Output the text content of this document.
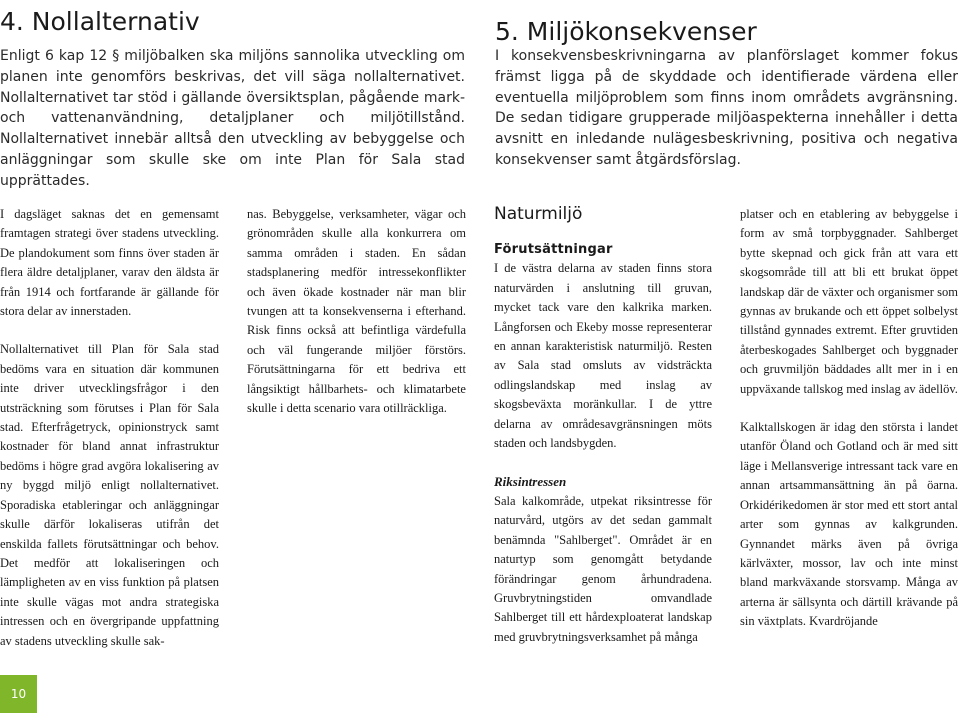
4. Nollalternativ

Enligt 6 kap 12 § miljöbalken ska miljöns sannolika utveckling om planen inte genomförs beskrivas, det vill säga nollalternativet. Nollalternativet tar stöd i gällande översiktsplan, pågående mark- och vattenanvändning, detaljplaner och miljötillstånd. Nollalternativet innebär alltså den utveckling av bebyggelse och anläggningar som skulle ske om inte Plan för Sala stad upprättades.

5. Miljökonsekvenser

I konsekvensbeskrivningarna av planförslaget kommer fokus främst ligga på de skyddade och identifierade värdena eller eventuella miljöproblem som finns inom områdets avgränsning. De sedan tidigare grupperade miljöaspekterna innehåller i detta avsnitt en inledande nulägesbeskrivning, positiva och negativa konsekvenser samt åtgärdsförslag.

I dagsläget saknas det en gemensamt framtagen strategi över stadens utveckling. De plandokument som finns över staden är flera äldre detaljplaner, varav den äldsta är från 1914 och fortfarande är gällande för stora delar av innerstaden.

Nollalternativet till Plan för Sala stad bedöms vara en situation där kommunen inte driver utvecklingsfrågor i den utsträckning som förutses i Plan för Sala stad. Efterfrågetryck, opinionstryck samt kostnader för bland annat infrastruktur bedöms i högre grad avgöra lokalisering av ny byggd miljö enligt nollalternativet. Sporadiska etableringar och anläggningar skulle därför lokaliseras utifrån det enskilda fallets förutsättningar och behov. Det medför att lokaliseringen och lämpligheten av en viss funktion på platsen inte skulle vägas mot andra strategiska intressen och en övergripande uppfattning av stadens utveckling skulle sak-

nas. Bebyggelse, verksamheter, vägar och grönområden skulle alla konkurrera om samma områden i staden. En sådan stadsplanering medför intressekonflikter och även ökade kostnader när man blir tvungen att ta konsekvenserna i efterhand. Risk finns också att befintliga värdefulla och väl fungerande miljöer förstörs. Förutsättningarna för ett bedriva ett långsiktigt hållbarhets- och klimatarbete skulle i detta scenario vara otillräckliga.

Naturmiljö
Förutsättningar

I de västra delarna av staden finns stora naturvärden i anslutning till gruvan, mycket tack vare den kalkrika marken. Långforsen och Ekeby mosse representerar en annan karakteristisk naturmiljö. Resten av Sala stad omsluts av vidsträckta odlingslandskap med inslag av skogsbeväxta moränkullar. I de yttre delarna av områdesavgränsningen möts staden och landsbygden.

Riksintressen

Sala kalkområde, utpekat riksintresse för naturvård, utgörs av det sedan gammalt benämnda "Sahlberget". Området är en naturtyp som genomgått betydande förändringar genom århundradena. Gruvbrytningstiden omvandlade Sahlberget till ett hårdexploaterat landskap med gruvbrytningsverksamhet på många

platser och en etablering av bebyggelse i form av små torpbyggnader. Sahlberget bytte skepnad och gick från att vara ett skogsområde till att bli ett brukat öppet landskap där de växter och organismer som gynnas av brukande och ett öppet solbelyst tillstånd gynnades extremt. Efter gruvtiden återbeskogades Sahlberget och byggnader och gruvmiljön bäddades allt mer in i en uppväxande tallskog med inslag av ädellöv.

Kalktallskogen är idag den största i landet utanför Öland och Gotland och är med sitt läge i Mellansverige intressant tack vare en annan artsammansättning än på öarna. Orkidérikedomen är stor med ett stort antal arter som gynnas av kalkgrunden. Gynnandet märks även på övriga kärlväxter, mossor, lav och inte minst bland markväxande storsvamp. Många av arterna är sällsynta och därtill krävande på sin växtplats. Kvardröjande

10
